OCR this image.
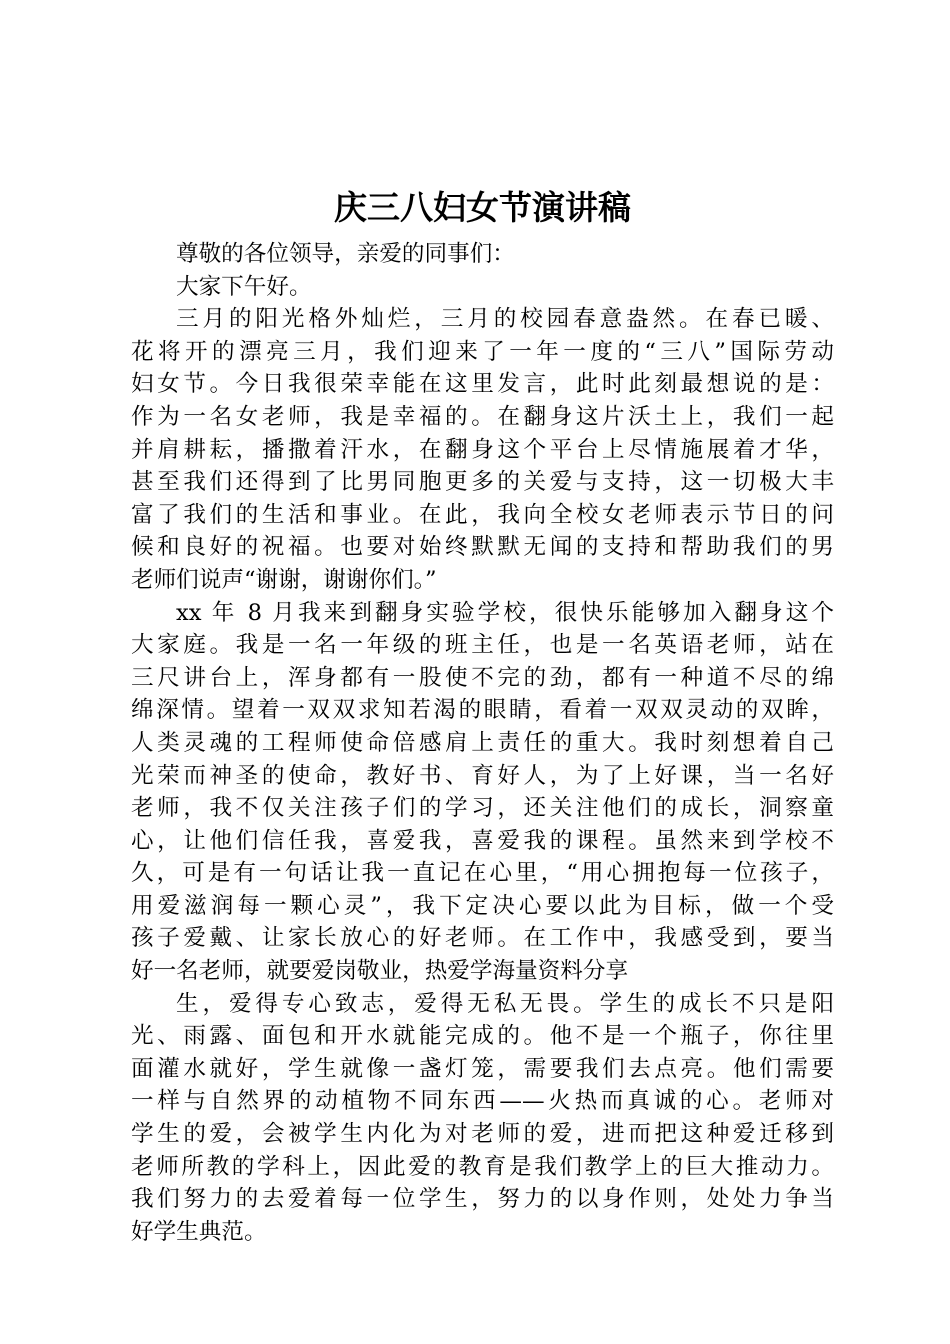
庆三八妇女节演讲稿
尊敬的各位领导，亲爱的同事们：
大家下午好。
三月的阳光格外灿烂，三月的校园春意盎然。在春已暖、
花将开的漂亮三月，我们迎来了一年一度的“三八”国际劳动
妇女节。今日我很荣幸能在这里发言，此时此刻最想说的是：
作为一名女老师，我是幸福的。在翻身这片沃土上，我们一起
并肩耕耘，播撒着汗水，在翻身这个平台上尽情施展着才华，
甚至我们还得到了比男同胞更多的关爱与支持，这一切极大丰
富了我们的生活和事业。在此，我向全校女老师表示节日的问
候和良好的祝福。也要对始终默默无闻的支持和帮助我们的男
老师们说声“谢谢，谢谢你们。”
xx 年 8 月我来到翻身实验学校，很快乐能够加入翻身这个
大家庭。我是一名一年级的班主任，也是一名英语老师，站在
三尺讲台上，浑身都有一股使不完的劲，都有一种道不尽的绵
绵深情。望着一双双求知若渴的眼睛，看着一双双灵动的双眸，
人类灵魂的工程师使命倍感肩上责任的重大。我时刻想着自己
光荣而神圣的使命，教好书、育好人，为了上好课，当一名好
老师，我不仅关注孩子们的学习，还关注他们的成长，洞察童
心，让他们信任我，喜爱我，喜爱我的课程。虽然来到学校不
久，可是有一句话让我一直记在心里，“用心拥抱每一位孩子，
用爱滋润每一颗心灵”，我下定决心要以此为目标，做一个受
孩子爱戴、让家长放心的好老师。在工作中，我感受到，要当
好一名老师，就要爱岗敬业，热爱学海量资料分享
生，爱得专心致志，爱得无私无畏。学生的成长不只是阳
光、雨露、面包和开水就能完成的。他不是一个瓶子，你往里
面灌水就好，学生就像一盏灯笼，需要我们去点亮。他们需要
一样与自然界的动植物不同东西——火热而真诚的心。老师对
学生的爱，会被学生内化为对老师的爱，进而把这种爱迁移到
老师所教的学科上，因此爱的教育是我们教学上的巨大推动力。
我们努力的去爱着每一位学生，努力的以身作则，处处力争当
好学生典范。
